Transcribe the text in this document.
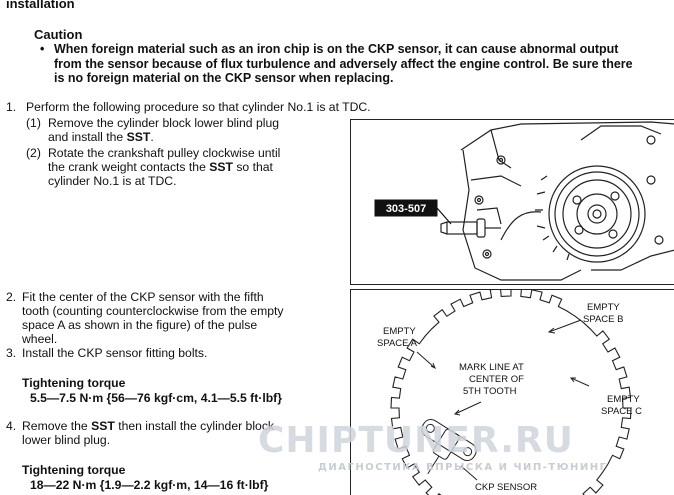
installation
Caution
• When foreign material such as an iron chip is on the CKP sensor, it can cause abnormal output
from the sensor because of flux turbulence and adversely affect the engine control. Be sure there
is no foreign material on the CKP sensor when replacing.
1. Perform the following procedure so that cylinder No.1 is at TDC.
(1) Remove the cylinder block lower blind plug
and install the SST.
(2) Rotate the crankshaft pulley clockwise until
the crank weight contacts the SST so that
cylinder No.1 is at TDC.
303-507
2. Fit the center of the CKP sensor with the fifth
tooth (counting counterclockwise from the empty
space A as shown in the figure) of the pulse
wheel.
3. Install the CKP sensor fitting bolts.
Tightening torque
5.5—7.5 N·m {56—76 kgf·cm, 4.1—5.5 ft·lbf}
4. Remove the SST then install the cylinder block
lower blind plug.
Tightening torque
18—22 N·m {1.9—2.2 kgf·m, 14—16 ft·lbf}
EMPTY
SPACE A
EMPTY
SPACE B
EMPTY
SPACE C
MARK LINE AT
CENTER OF
5TH TOOTH
CKP SENSOR
CHIPTUNER.RU
ДИАГНОСТИКА ВПРЫСКА И ЧИП-ТЮНИНГ
